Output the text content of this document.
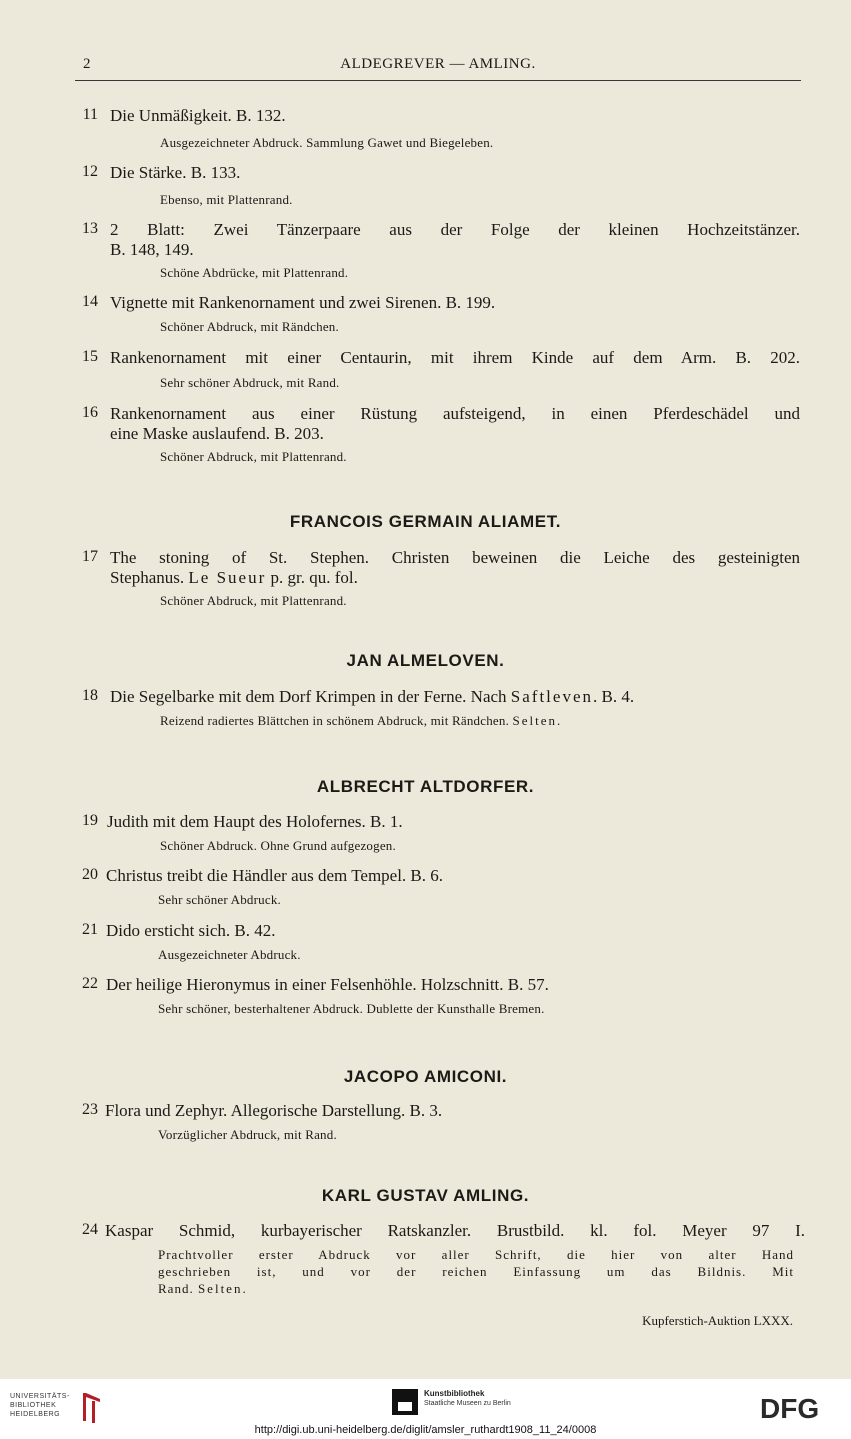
2	ALDEGREVER — AMLING.
11 Die Unmäßigkeit. B. 132.
Ausgezeichneter Abdruck. Sammlung Gawet und Biegeleben.
12 Die Stärke. B. 133.
Ebenso, mit Plattenrand.
13 2 Blatt: Zwei Tänzerpaare aus der Folge der kleinen Hochzeitstänzer.
B. 148, 149.
Schöne Abdrücke, mit Plattenrand.
14 Vignette mit Rankenornament und zwei Sirenen. B. 199.
Schöner Abdruck, mit Rändchen.
15 Rankenornament mit einer Centaurin, mit ihrem Kinde auf dem Arm. B. 202.
Sehr schöner Abdruck, mit Rand.
16 Rankenornament aus einer Rüstung aufsteigend, in einen Pferdeschädel und
eine Maske auslaufend. B. 203.
Schöner Abdruck, mit Plattenrand.
FRANCOIS GERMAIN ALIAMET.
17 The stoning of St. Stephen. Christen beweinen die Leiche des gesteinigten
Stephanus. Le Sueur p. gr. qu. fol.
Schöner Abdruck, mit Plattenrand.
JAN ALMELOVEN.
18 Die Segelbarke mit dem Dorf Krimpen in der Ferne. Nach Saftleven. B. 4.
Reizend radiertes Blättchen in schönem Abdruck, mit Rändchen. Selten.
ALBRECHT ALTDORFER.
19 Judith mit dem Haupt des Holofernes. B. 1.
Schöner Abdruck. Ohne Grund aufgezogen.
20 Christus treibt die Händler aus dem Tempel. B. 6.
Sehr schöner Abdruck.
21 Dido ersticht sich. B. 42.
Ausgezeichneter Abdruck.
22 Der heilige Hieronymus in einer Felsenhöhle. Holzschnitt. B. 57.
Sehr schöner, besterhaltener Abdruck. Dublette der Kunsthalle Bremen.
JACOPO AMICONI.
23 Flora und Zephyr. Allegorische Darstellung. B. 3.
Vorzüglicher Abdruck, mit Rand.
KARL GUSTAV AMLING.
24 Kaspar Schmid, kurbayerischer Ratskanzler. Brustbild. kl. fol. Meyer 97 I.
Prachtvoller erster Abdruck vor aller Schrift, die hier von alter Hand
geschrieben ist, und vor der reichen Einfassung um das Bildnis. Mit
Rand. Selten.
Kupferstich-Auktion LXXX.
UNIVERSITÄTS-
BIBLIOTHEK
HEIDELBERG
Kunstbibliothek
Staatliche Museen zu Berlin	DFG
http://digi.ub.uni-heidelberg.de/diglit/amsler_ruthardt1908_11_24/0008
